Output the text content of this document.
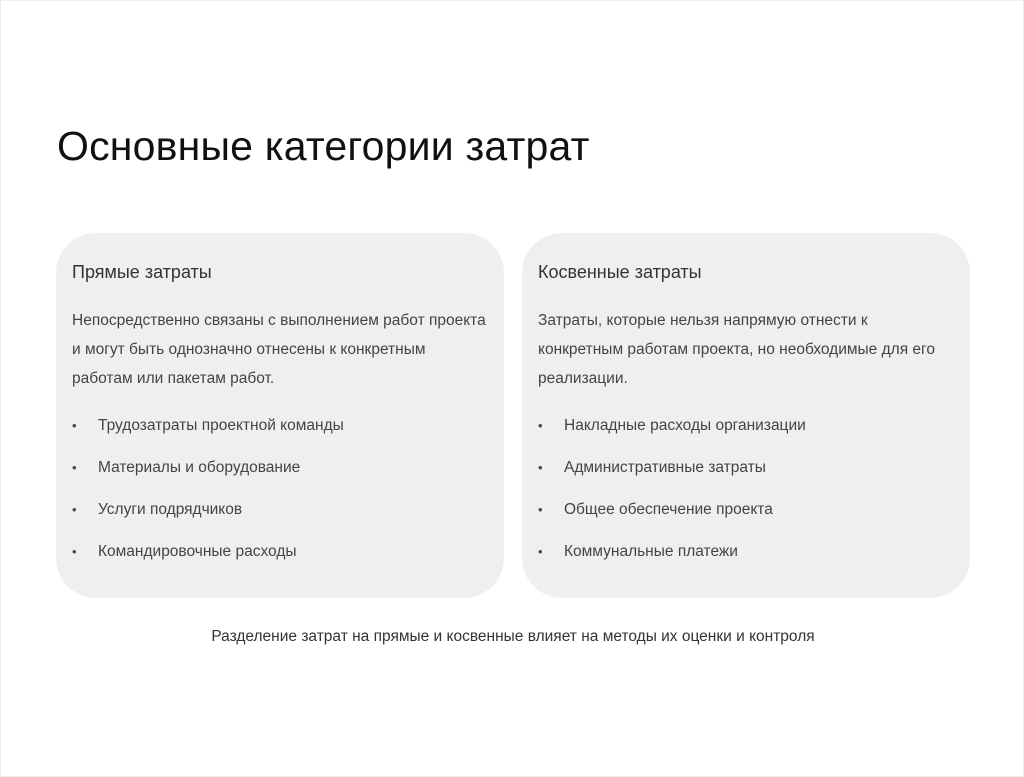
Основные категории затрат
Прямые затраты
Непосредственно связаны с выполнением работ проекта и могут быть однозначно отнесены к конкретным работам или пакетам работ.
• Трудозатраты проектной команды
• Материалы и оборудование
• Услуги подрядчиков
• Командировочные расходы
Косвенные затраты
Затраты, которые нельзя напрямую отнести к конкретным работам проекта, но необходимые для его реализации.
• Накладные расходы организации
• Административные затраты
• Общее обеспечение проекта
• Коммунальные платежи
Разделение затрат на прямые и косвенные влияет на методы их оценки и контроля
